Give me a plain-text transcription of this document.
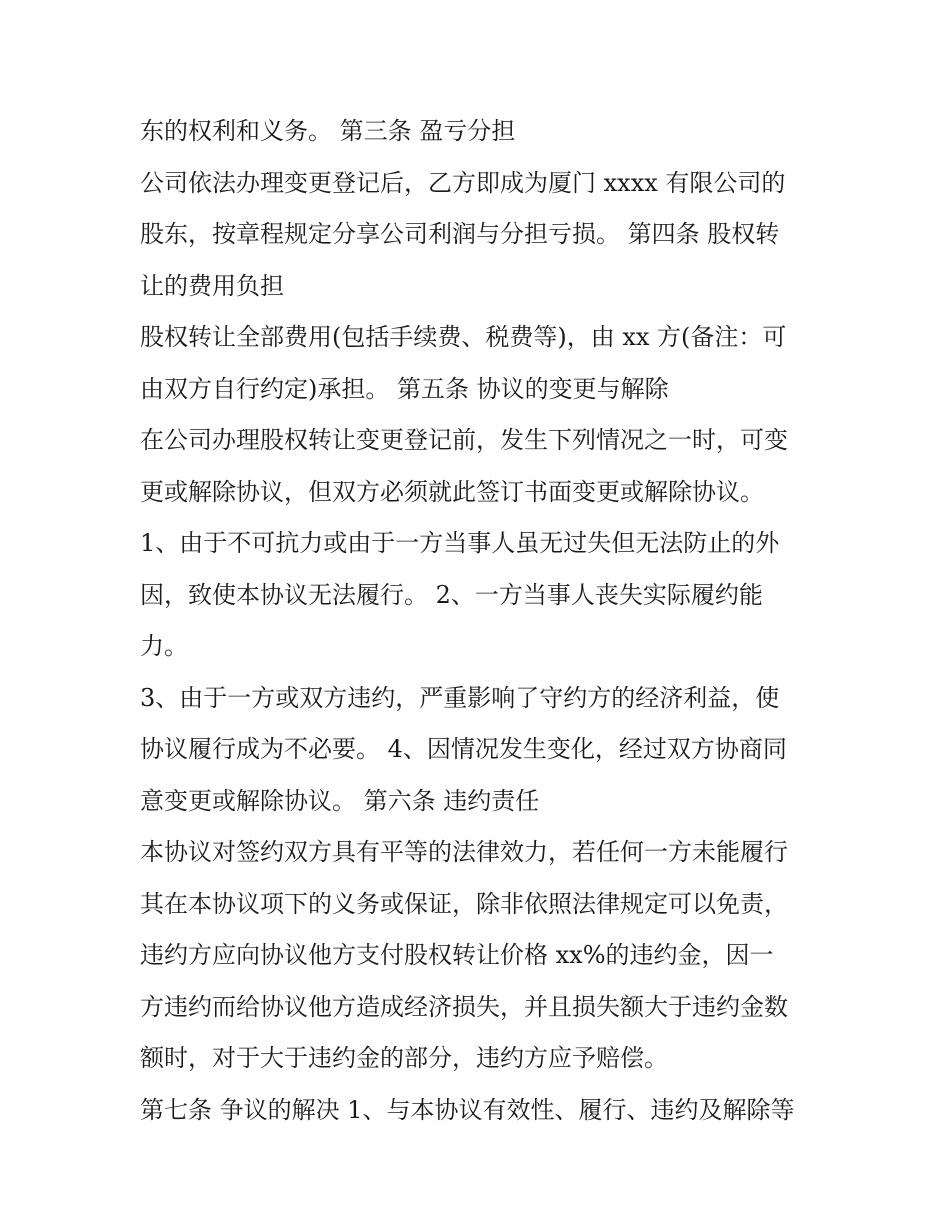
东的权利和义务。 第三条 盈亏分担
公司依法办理变更登记后，乙方即成为厦门 xxxx 有限公司的
股东，按章程规定分享公司利润与分担亏损。 第四条 股权转
让的费用负担
股权转让全部费用(包括手续费、税费等)，由 xx 方(备注：可
由双方自行约定)承担。 第五条 协议的变更与解除
在公司办理股权转让变更登记前，发生下列情况之一时，可变
更或解除协议，但双方必须就此签订书面变更或解除协议。
1、由于不可抗力或由于一方当事人虽无过失但无法防止的外
因，致使本协议无法履行。 2、一方当事人丧失实际履约能
力。
3、由于一方或双方违约，严重影响了守约方的经济利益，使
协议履行成为不必要。 4、因情况发生变化，经过双方协商同
意变更或解除协议。 第六条 违约责任
本协议对签约双方具有平等的法律效力，若任何一方未能履行
其在本协议项下的义务或保证，除非依照法律规定可以免责，
违约方应向协议他方支付股权转让价格 xx%的违约金，因一
方违约而给协议他方造成经济损失，并且损失额大于违约金数
额时，对于大于违约金的部分，违约方应予赔偿。
第七条 争议的解决 1、与本协议有效性、履行、违约及解除等
